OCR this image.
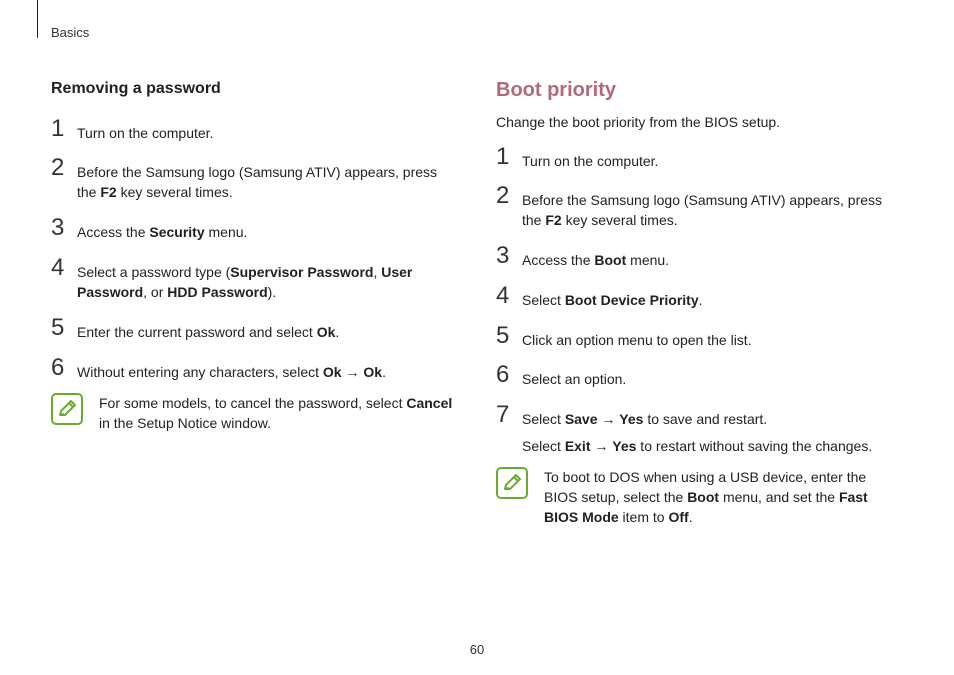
Basics
Removing a password
1 Turn on the computer.
2 Before the Samsung logo (Samsung ATIV) appears, press the F2 key several times.
3 Access the Security menu.
4 Select a password type (Supervisor Password, User Password, or HDD Password).
5 Enter the current password and select Ok.
6 Without entering any characters, select Ok → Ok.
For some models, to cancel the password, select Cancel in the Setup Notice window.
Boot priority
Change the boot priority from the BIOS setup.
1 Turn on the computer.
2 Before the Samsung logo (Samsung ATIV) appears, press the F2 key several times.
3 Access the Boot menu.
4 Select Boot Device Priority.
5 Click an option menu to open the list.
6 Select an option.
7 Select Save → Yes to save and restart.
Select Exit → Yes to restart without saving the changes.
To boot to DOS when using a USB device, enter the BIOS setup, select the Boot menu, and set the Fast BIOS Mode item to Off.
60
